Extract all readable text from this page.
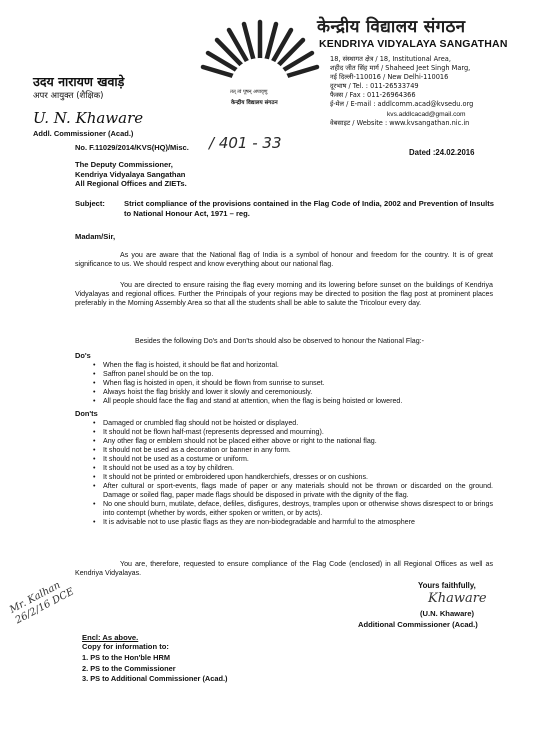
केन्द्रीय विद्यालय संगठन
KENDRIYA VIDYALAYA SANGATHAN
18, संस्थागत क्षेत्र / 18, Institutional Area,
शहीद जीत सिंह मार्ग / Shaheed Jeet Singh Marg,
नई दिल्ली-110016 / New Delhi-110016
दूरभाष / Tel. : 011-26533749
फैक्स / Fax : 011-26964366
ई-मेल / E-mail : addlcomm.acad@kvsedu.org
kvs.addlcacad@gmail.com
वेबसाइट / Website : www.kvsangathan.nic.in
तत् त्वं पूषन् अपावृणु
केन्द्रीय विद्यालय संगठन
उदय नारायण खवाड़े
अपर आयुक्त (शैक्षिक)
U. N. Khaware
Addl. Commissioner (Acad.)
No. F.11029/2014/KVS(HQ)/Misc. / 401 - 33
Dated :24.02.2016
The Deputy Commissioner,
Kendriya Vidyalaya Sangathan
All Regional Offices and ZIETs.
Subject:	Strict compliance of the provisions contained in the Flag Code of India, 2002 and Prevention of Insults to National Honour Act, 1971 – reg.
Madam/Sir,
As you are aware that the National flag of India is a symbol of honour and freedom for the country. It is of great significance to us. We should respect and know everything about our national flag.
You are directed to ensure raising the flag every morning and its lowering before sunset on the buildings of Kendriya Vidyalayas and regional offices. Further the Principals of your regions may be directed to position the flag post at prominent places preferably in the Morning Assembly Area so that all the students shall be able to salute the Tricolour every day.
Besides the following Do's and Don'ts should also be observed to honour the National Flag:-
Do's
•	When the flag is hoisted, it should be flat and horizontal.
•	Saffron panel should be on the top.
•	When flag is hoisted in open, it should be flown from sunrise to sunset.
•	Always hoist the flag briskly and lower it slowly and ceremoniously.
•	All people should face the flag and stand at attention, when the flag is being hoisted or lowered.
Don'ts
•	Damaged or crumbled flag should not be hoisted or displayed.
•	It should not be flown half-mast (represents depressed and mourning).
•	Any other flag or emblem should not be placed either above or right to the national flag.
•	It should not be used as a decoration or banner in any form.
•	It should not be used as a costume or uniform.
•	It should not be used as a toy by children.
•	It should not be printed or embroidered upon handkerchiefs, dresses or on cushions.
•	After cultural or sport-events, flags made of paper or any materials should not be thrown or discarded on the ground. Damage or soiled flag, paper made flags should be disposed in private with the dignity of the flag.
•	No one should burn, mutilate, deface, defiles, disfigures, destroys, tramples upon or otherwise shows disrespect to or brings into contempt (whether by words, either spoken or written, or by acts).
•	It is advisable not to use plastic flags as they are non-biodegradable and harmful to the atmosphere
You are, therefore, requested to ensure compliance of the Flag Code (enclosed) in all Regional Offices as well as Kendriya Vidyalayas.
Yours faithfully,
Khaware
(U.N. Khaware)
Additional Commissioner (Acad.)
Mr. Kalhan 26/2/16 DCE
Encl: As above.
Copy for information to:
1. PS to the Hon'ble HRM
2. PS to the Commissioner
3. PS to Additional Commissioner (Acad.)
